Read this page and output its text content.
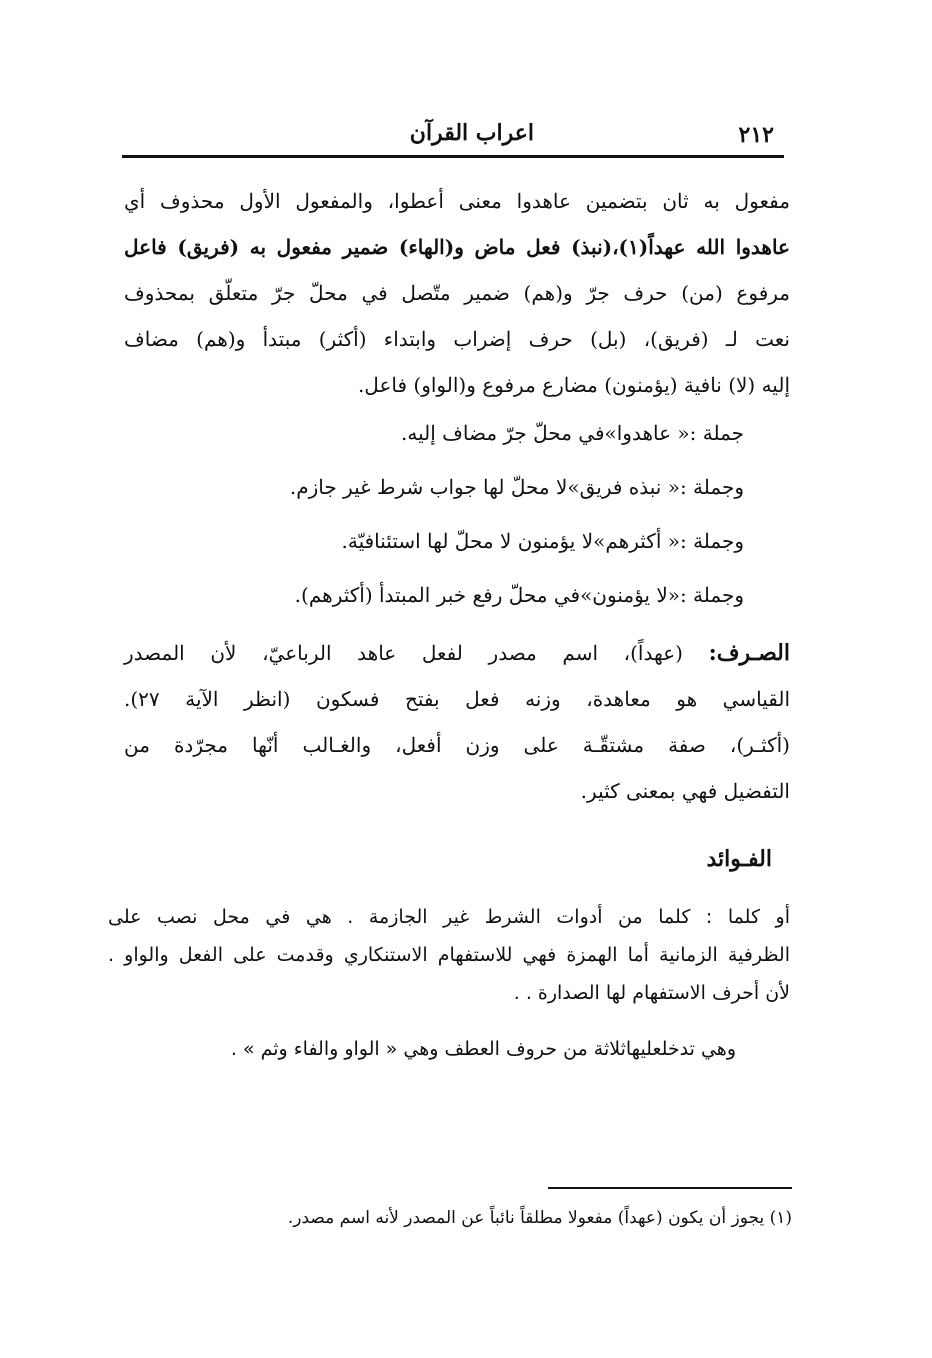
٢١٢
اعراب القرآن
مفعول به ثان بتضمين عاهدوا معنى أعطوا، والمفعول الأول محذوف أي
عاهدوا الله عهداً(١)،(نبذ) فعل ماض و(الهاء) ضمير مفعول به (فريق) فاعل
مرفوع (من) حرف جرّ و(هم) ضمير متّصل في محلّ جرّ متعلّق بمحذوف
نعت لـ (فريق)، (بل) حرف إضراب وابتداء (أكثر) مبتدأ و(هم) مضاف
إليه (لا) نافية (يؤمنون) مضارع مرفوع و(الواو) فاعل.
جملة :« عاهدوا»في محلّ جرّ مضاف إليه.
وجملة :« نبذه فريق»لا محلّ لها جواب شرط غير جازم.
وجملة :« أكثرهم»لا يؤمنون لا محلّ لها استئنافيّة.
وجملة :«لا يؤمنون»في محلّ رفع خبر المبتدأ (أكثرهم).
الصـرف: (عهداً)، اسم مصدر لفعل عاهد الرباعيّ، لأن المصدر
القياسي هو معاهدة، وزنه فعل بفتح فسكون (انظر الآية ٢٧).
(أكثـر)، صفة مشتقّـة على وزن أفعل، والغـالب أنّها مجرّدة من
التفضيل فهي بمعنى كثير.
الفـوائد
أو كلما : كلما من أدوات الشرط غير الجازمة . هي في محل نصب على
الظرفية الزمانية أما الهمزة فهي للاستفهام الاستنكاري وقدمت على الفعل والواو .
لأن أحرف الاستفهام لها الصدارة . .
وهي تدخلعليهاثلاثة من حروف العطف وهي « الواو والفاء وثم » .
(١) يجوز أن يكون (عهداً) مفعولا مطلقاً نائباً عن المصدر لأنه اسم مصدر.
